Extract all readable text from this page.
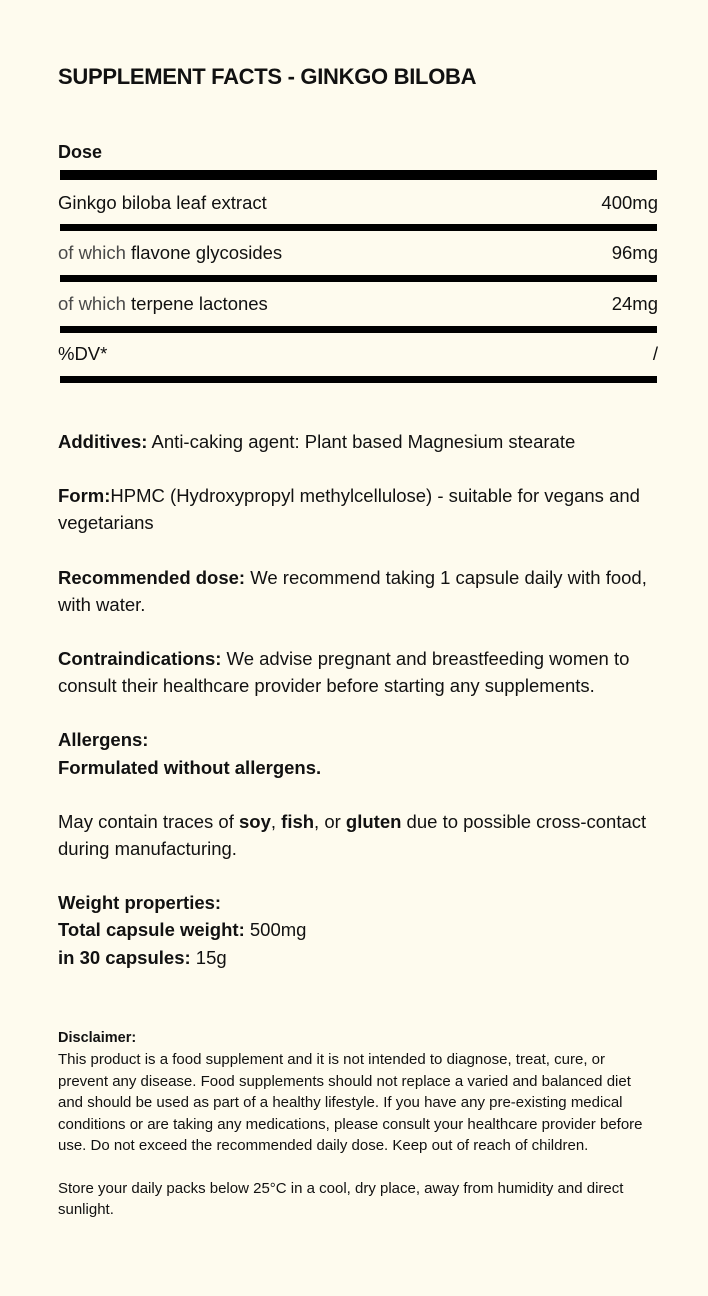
SUPPLEMENT FACTS - GINKGO BILOBA
Dose
Ginkgo biloba leaf extract	400mg
of which flavone glycosides	96mg
of which terpene lactones	24mg
%DV*	/

Additives: Anti-caking agent: Plant based Magnesium stearate

Form:HPMC (Hydroxypropyl methylcellulose) - suitable for vegans and vegetarians

Recommended dose: We recommend taking 1 capsule daily with food, with water.

Contraindications: We advise pregnant and breastfeeding women to consult their healthcare provider before starting any supplements.

Allergens:
Formulated without allergens.

May contain traces of soy, fish, or gluten due to possible cross-contact during manufacturing.

Weight properties:
Total capsule weight: 500mg
in 30 capsules: 15g

Disclaimer:
This product is a food supplement and it is not intended to diagnose, treat, cure, or prevent any disease. Food supplements should not replace a varied and balanced diet and should be used as part of a healthy lifestyle. If you have any pre-existing medical conditions or are taking any medications, please consult your healthcare provider before use. Do not exceed the recommended daily dose. Keep out of reach of children.

Store your daily packs below 25°C in a cool, dry place, away from humidity and direct sunlight.
